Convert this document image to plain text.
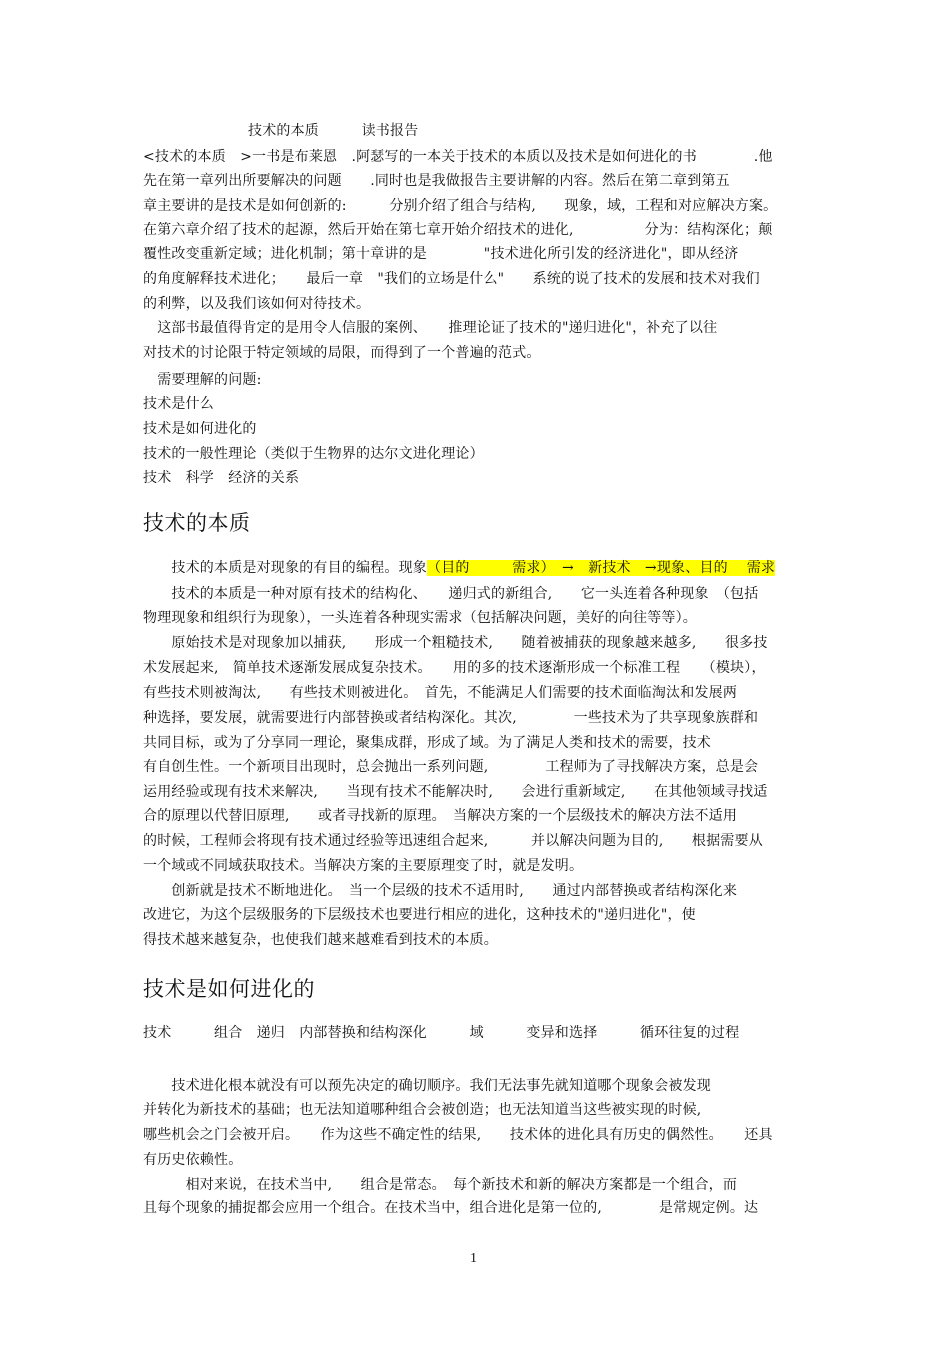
技术的本质　　　读书报告
<技术的本质　>一书是布莱恩　.阿瑟写的一本关于技术的本质以及技术是如何进化的书　　　　.他
先在第一章列出所要解决的问题　　.同时也是我做报告主要讲解的内容。然后在第二章到第五
章主要讲的是技术是如何创新的:　　　分别介绍了组合与结构,　　现象，域，工程和对应解决方案。
在第六章介绍了技术的起源，然后开始在第七章开始介绍技术的进化,　　　　　分为：结构深化；颠
覆性改变重新定域；进化机制；第十章讲的是　　　　"技术进化所引发的经济进化"，即从经济
的角度解释技术进化；　　最后一章　"我们的立场是什么"　　系统的说了技术的发展和技术对我们
的利弊，以及我们该如何对待技术。
　这部书最值得肯定的是用令人信服的案例、　　推理论证了技术的"递归进化"，补充了以往
对技术的讨论限于特定领域的局限，而得到了一个普遍的范式。
　需要理解的问题:
技术是什么
技术是如何进化的
技术的一般性理论（类似于生物界的达尔文进化理论）
技术　科学　经济的关系
技术的本质
　　技术的本质是对现象的有目的编程。现象（目的　　　需求）　→　新技术　→现象、目的　 需求
　　技术的本质是一种对原有技术的结构化、　　递归式的新组合,　　它一头连着各种现象　（包括
物理现象和组织行为现象），一头连着各种现实需求（包括解决问题，美好的向往等等）。
　　原始技术是对现象加以捕获,　　形成一个粗糙技术,　　随着被捕获的现象越来越多,　　很多技
术发展起来,　简单技术逐渐发展成复杂技术。　　用的多的技术逐渐形成一个标准工程　　（模块），
有些技术则被淘汰,　　有些技术则被进化。　首先，不能满足人们需要的技术面临淘汰和发展两
种选择，要发展，就需要进行内部替换或者结构深化。其次,　　　　一些技术为了共享现象族群和
共同目标，或为了分享同一理论，聚集成群，形成了域。为了满足人类和技术的需要，技术
有自创生性。一个新项目出现时，总会抛出一系列问题,　　　　工程师为了寻找解决方案，总是会
运用经验或现有技术来解决,　　当现有技术不能解决时,　　会进行重新域定,　　在其他领域寻找适
合的原理以代替旧原理,　　或者寻找新的原理。　当解决方案的一个层级技术的解决方法不适用
的时候，工程师会将现有技术通过经验等迅速组合起来,　　　并以解决问题为目的,　　根据需要从
一个域或不同域获取技术。当解决方案的主要原理变了时，就是发明。
　　创新就是技术不断地进化。　当一个层级的技术不适用时,　　通过内部替换或者结构深化来
改进它，为这个层级服务的下层级技术也要进行相应的进化，这种技术的"递归进化"，使
得技术越来越复杂，也使我们越来越难看到技术的本质。
技术是如何进化的
技术　　　组合　递归　内部替换和结构深化　　　域　　　变异和选择　　　循环往复的过程
　　技术进化根本就没有可以预先决定的确切顺序。我们无法事先就知道哪个现象会被发现
并转化为新技术的基础；也无法知道哪种组合会被创造；也无法知道当这些被实现的时候,
哪些机会之门会被开启。　　作为这些不确定性的结果,　　技术体的进化具有历史的偶然性。　　还具
有历史依赖性。
　　　相对来说，在技术当中,　　组合是常态。　每个新技术和新的解决方案都是一个组合，而
且每个现象的捕捉都会应用一个组合。在技术当中，组合进化是第一位的,　　　　是常规定例。达
1
